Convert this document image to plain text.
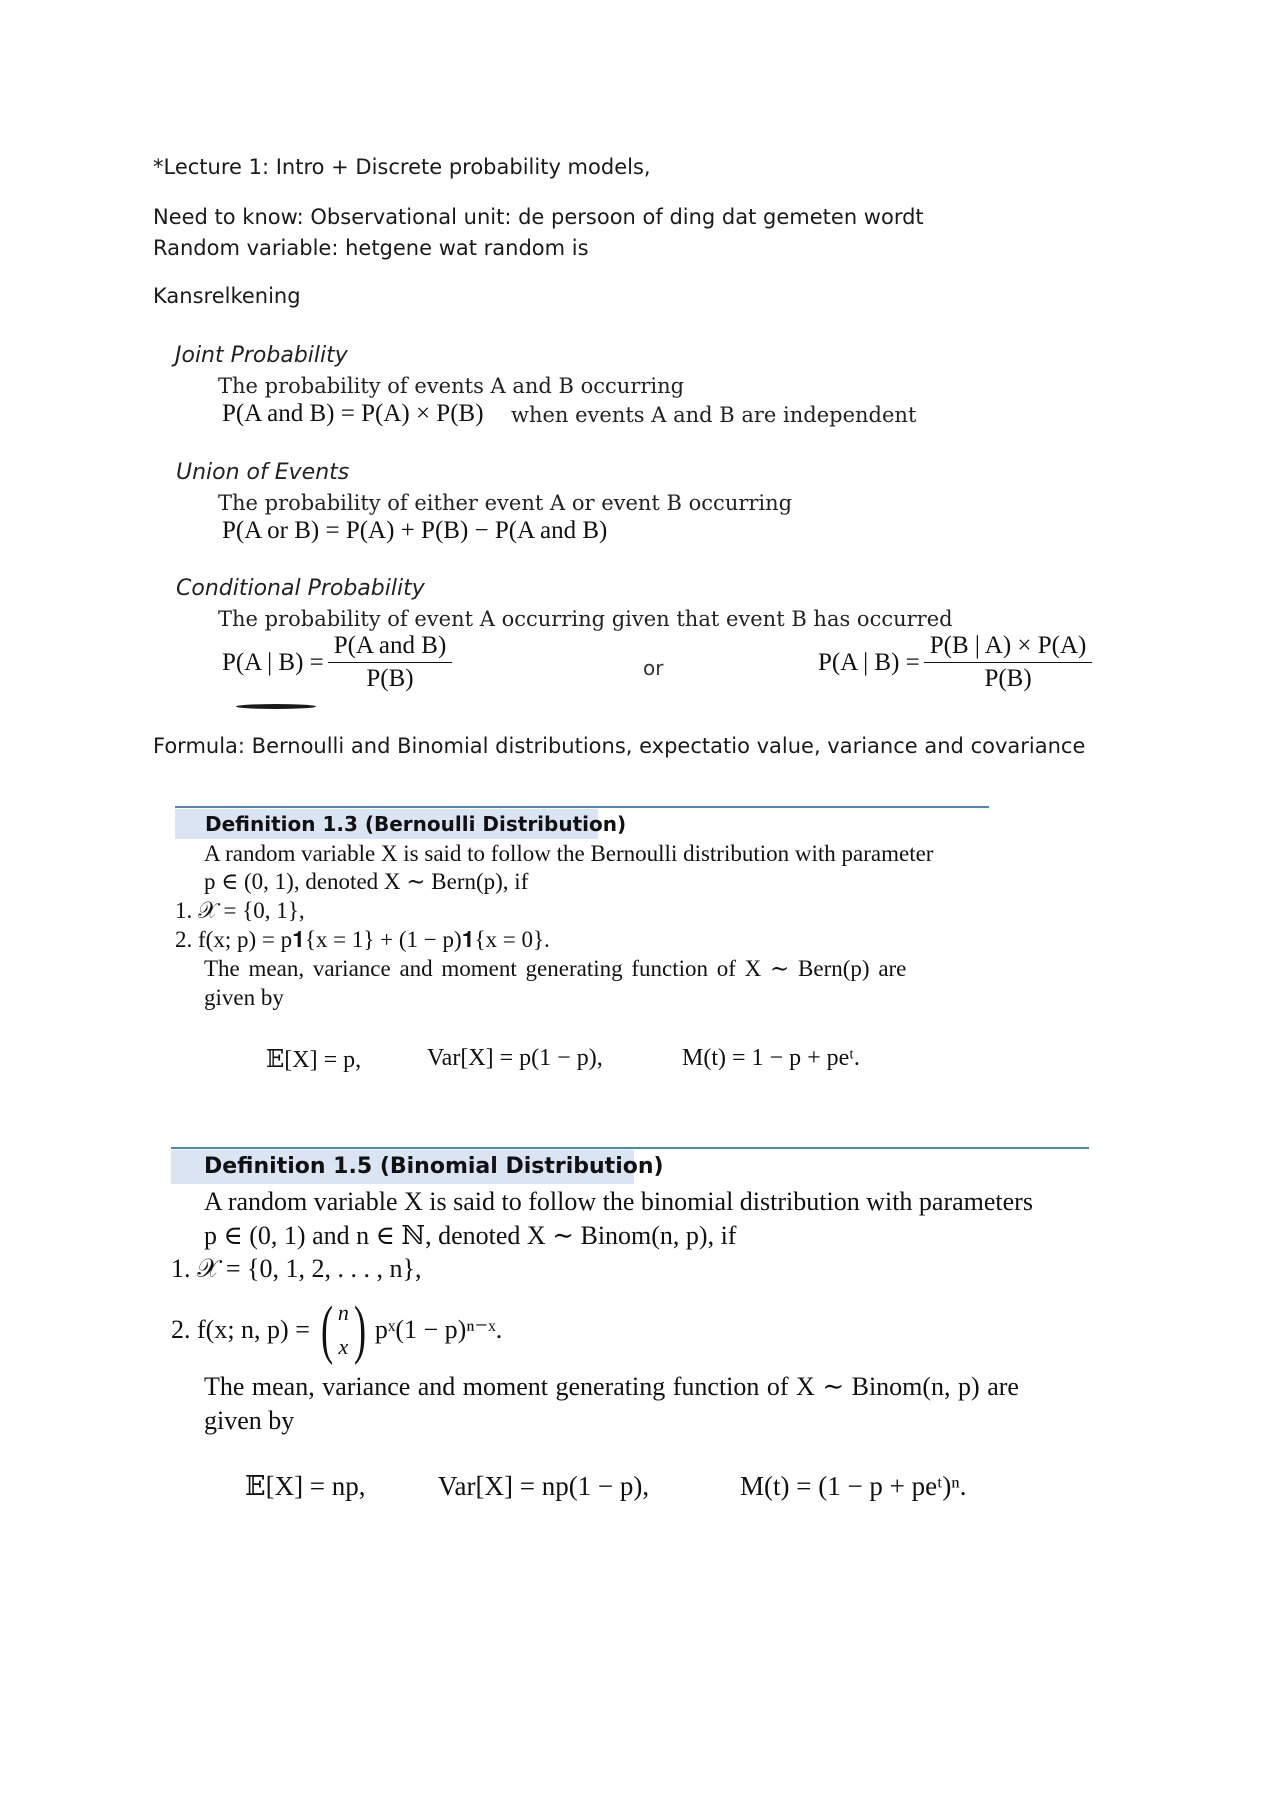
*Lecture 1: Intro + Discrete probability models,
Need to know: Observational unit: de persoon of ding dat gemeten wordt
Random variable: hetgene wat random is
Kansrelkening
Joint Probability
The probability of events A and B occurring
P(A and B) = P(A) × P(B) when events A and B are independent
Union of Events
The probability of either event A or event B occurring
P(A or B) = P(A) + P(B) − P(A and B)
Conditional Probability
The probability of event A occurring given that event B has occurred
P(A | $B) = \frac{\text{P(A and B)}}{P(B)}$	or	P(A | $B) = \frac{P(B | A) \times P(A)}{P(B)}$
Formula: Bernoulli and Binomial distributions, expectatio value, variance and covariance
Definition 1.3 (Bernoulli Distribution)
A random variable X is said to follow the Bernoulli distribution with parameter
p ∈ (0, 1), denoted X ∼ Bern(p), if
1. 𝒳 = {0, 1},
2. f(x; p) = p𝟏{x = 1} + (1 − p)𝟏{x = 0}.
The mean, variance and moment generating function of X ∼ Bern(p) are
given by
𝔼[X] = p,	Var[X] = p(1 − p),	M(t) = 1 − p + peᵗ.
Definition 1.5 (Binomial Distribution)
A random variable X is said to follow the binomial distribution with parameters
p ∈ (0, 1) and n ∈ ℕ, denoted X ∼ Binom(n, p), if
1. 𝒳 = {0, 1, 2, . . . , n},
2. f(x; n, p) = ( n
x ) pˣ(1 − p)ⁿ⁻ˣ.
The mean, variance and moment generating function of X ∼ Binom(n, p) are
given by
𝔼[X] = np,	Var[X] = np(1 − p),	M(t) = (1 − p + peᵗ)ⁿ.
